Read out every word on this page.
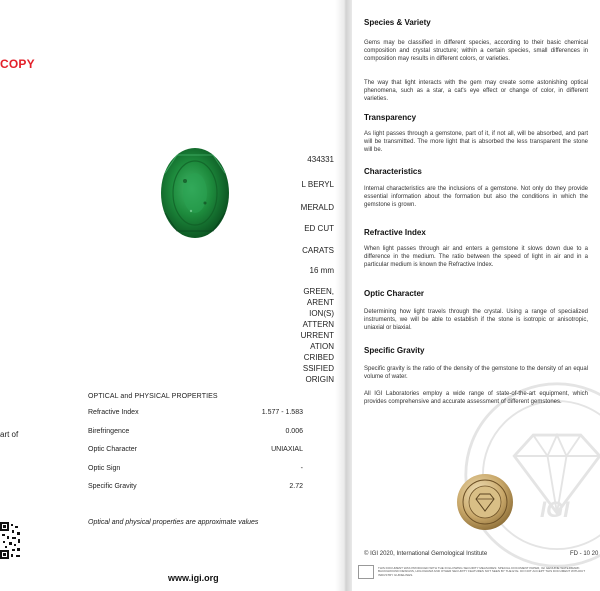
COPY
434331
L BERYL
MERALD
ED CUT
CARATS
16 mm
GREEN,
ARENT
ION(S)
ATTERN
URRENT
ATION
CRIBED
SSIFIED
ORIGIN
art of
OPTICAL and PHYSICAL PROPERTIES
Refractive Index	1.577 - 1.583
Birefringence	0.006
Optic Character	UNIAXIAL
Optic Sign	-
Specific Gravity	2.72
Optical and physical properties are approximate values
www.igi.org
Species & Variety
Gems may be classified in different species, according to their basic chemical composition and crystal structure; within a certain species, small differences in composition may results in different colors, or varieties.
The way that light interacts with the gem may create some astonishing optical phenomena, such as a star, a cat's eye effect or change of color, in different varieties.
Transparency
As light passes through a gemstone, part of it, if not all, will be absorbed, and part will be transmitted. The more light that is absorbed the less transparent the stone will be.
Characteristics
Internal characteristics are the inclusions of a gemstone. Not only do they provide essential information about the formation but also the conditions in which the gemstone is grown.
Refractive Index
When light passes through air and enters a gemstone it slows down due to a difference in the medium. The ratio between the speed of light in air and in a particular medium is known the Refractive Index.
Optic Character
Determining how light travels through the crystal. Using a range of specialized instruments, we will be able to establish if the stone is isotropic or anisotropic, uniaxial or biaxial.
Specific Gravity
Specific gravity is the ratio of the density of the gemstone to the density of an equal volume of water.
All IGI Laboratories employ a wide range of state-of-the-art equipment, which provides comprehensive and accurate assessment of different gemstones.
IGI
© IGI 2020, International Gemological Institute	FD - 10 20
THIS DOCUMENT WAS PRODUCED WITH THE FOLLOWING SECURITY MEASURES: SPECIAL DOCUMENT PAPER, IGI GENUINE WATERMARK BACKGROUND DESIGNS, HOLOGRAM AND OTHER SECURITY FEATURES NOT SEEN BY THE EYE. DO NOT ACCEPT THIS DOCUMENT WITHOUT INDUSTRY GUIDELINES.
